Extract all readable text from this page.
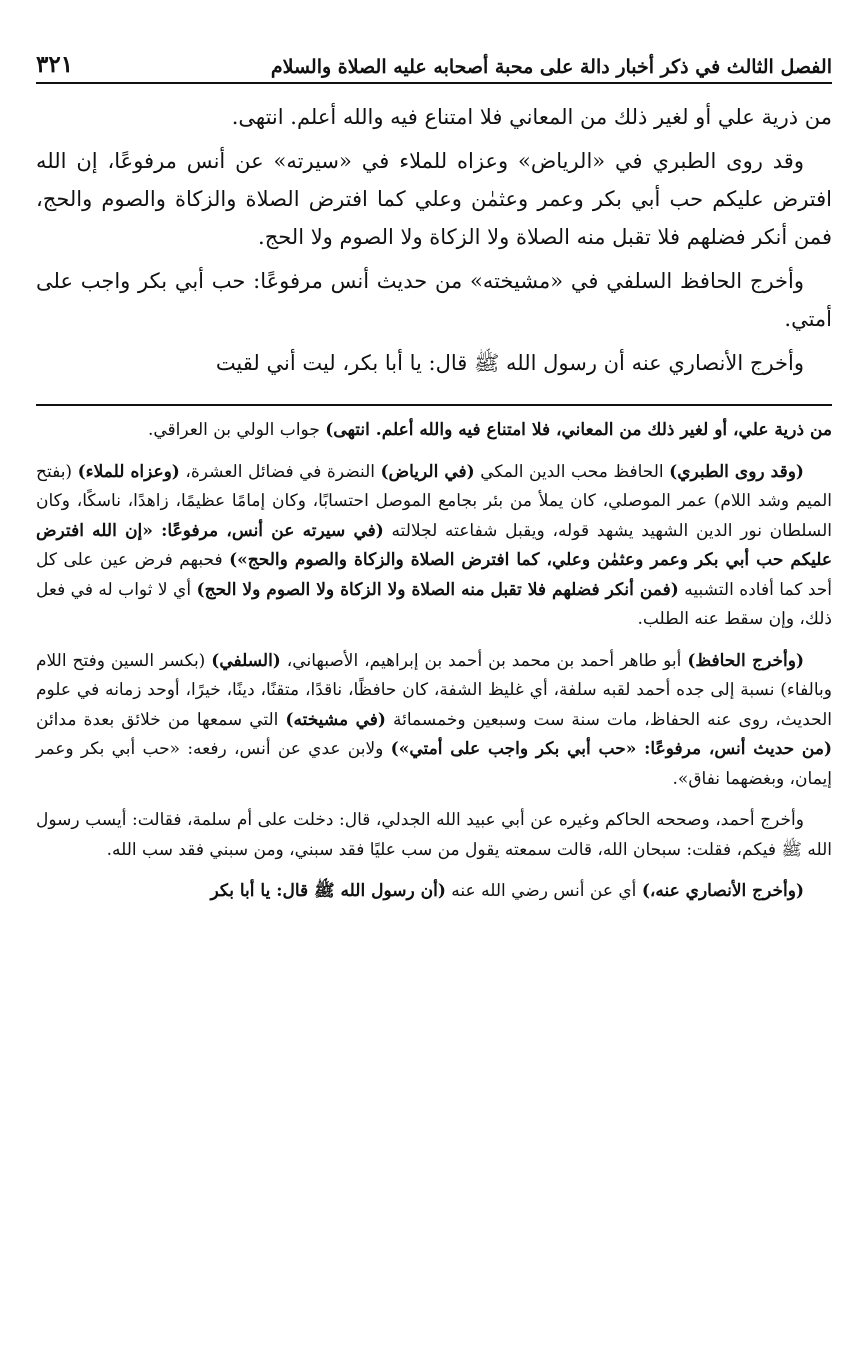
الفصل الثالث في ذكر أخبار دالة على محبة أصحابه عليه الصلاة والسلام
٣٢١

من ذرية علي أو لغير ذلك من المعاني فلا امتناع فيه والله أعلم. انتهى.

وقد روى الطبري في «الرياض» وعزاه للملاء في «سيرته» عن أنس مرفوعًا، إن الله افترض عليكم حب أبي بكر وعمر وعثمٰن وعلي كما افترض الصلاة والزكاة والصوم والحج، فمن أنكر فضلهم فلا تقبل منه الصلاة ولا الزكاة ولا الصوم ولا الحج.

وأخرج الحافظ السلفي في «مشيخته» من حديث أنس مرفوعًا: حب أبي بكر واجب على أمتي.

وأخرج الأنصاري عنه أن رسول الله ﷺ قال: يا أبا بكر، ليت أني لقيت

من ذرية علي، أو لغير ذلك من المعاني، فلا امتناع فيه والله أعلم. انتهى) جواب الولي بن العراقي.

(وقد روى الطبري) الحافظ محب الدين المكي (في الرياض) النضرة في فضائل العشرة، (وعزاه للملاء) (بفتح الميم وشد اللام) عمر الموصلي، كان يملأ من بئر بجامع الموصل احتسابًا، وكان إمامًا عظيمًا، زاهدًا، ناسكًا، وكان السلطان نور الدين الشهيد يشهد قوله، ويقبل شفاعته لجلالته (في سيرته عن أنس، مرفوعًا: «إن الله افترض عليكم حب أبي بكر وعمر وعثمٰن وعلي، كما افترض الصلاة والزكاة والصوم والحج») فحبهم فرض عين على كل أحد كما أفاده التشبيه (فمن أنكر فضلهم فلا تقبل منه الصلاة ولا الزكاة ولا الصوم ولا الحج) أي لا ثواب له في فعل ذلك، وإن سقط عنه الطلب.

(وأخرج الحافظ) أبو طاهر أحمد بن محمد بن أحمد بن إبراهيم، الأصبهاني، (السلفي) (بكسر السين وفتح اللام وبالفاء) نسبة إلى جده أحمد لقبه سلفة، أي غليظ الشفة، كان حافظًا، ناقدًا، متقنًا، دينًا، خيرًا، أوحد زمانه في علوم الحديث، روى عنه الحفاظ، مات سنة ست وسبعين وخمسمائة (في مشيخته) التي سمعها من خلائق بعدة مدائن (من حديث أنس، مرفوعًا: «حب أبي بكر واجب على أمتي») ولابن عدي عن أنس، رفعه: «حب أبي بكر وعمر إيمان، وبغضهما نفاق».

وأخرج أحمد، وصححه الحاكم وغيره عن أبي عبيد الله الجدلي، قال: دخلت على أم سلمة، فقالت: أيسب رسول الله ﷺ فيكم، فقلت: سبحان الله، قالت سمعته يقول من سب عليًا فقد سبني، ومن سبني فقد سب الله.

(وأخرج الأنصاري عنه،) أي عن أنس رضي الله عنه (أن رسول الله ﷺ قال: يا أبا بكر
